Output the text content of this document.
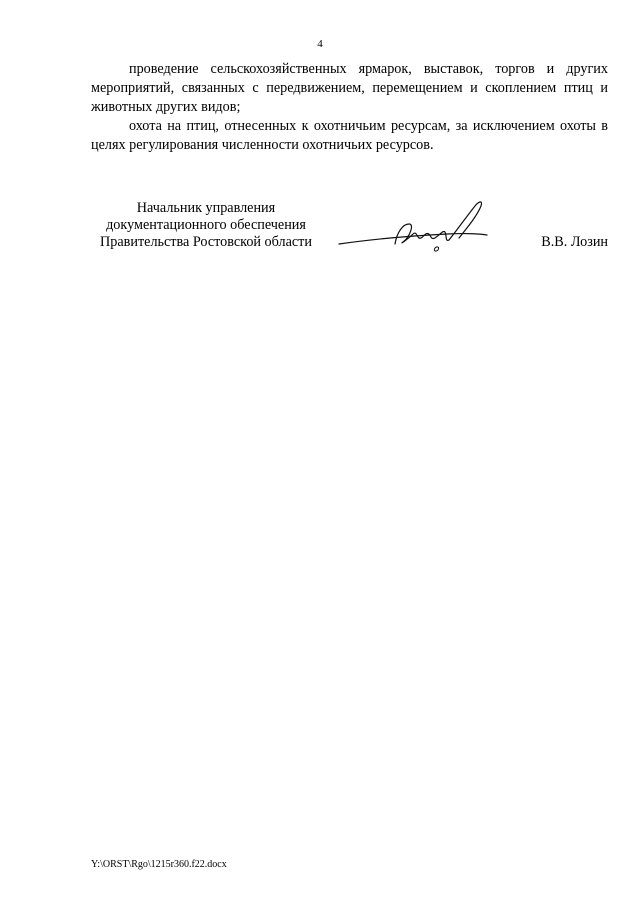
4

проведение сельскохозяйственных ярмарок, выставок, торгов и других мероприятий, связанных с передвижением, перемещением и скоплением птиц и животных других видов;

охота на птиц, отнесенных к охотничьим ресурсам, за исключением охоты в целях регулирования численности охотничьих ресурсов.

Начальник управления
документационного обеспечения
Правительства Ростовской области	В.В. Лозин
Y:\ORST\Rgo\1215r360.f22.docx
